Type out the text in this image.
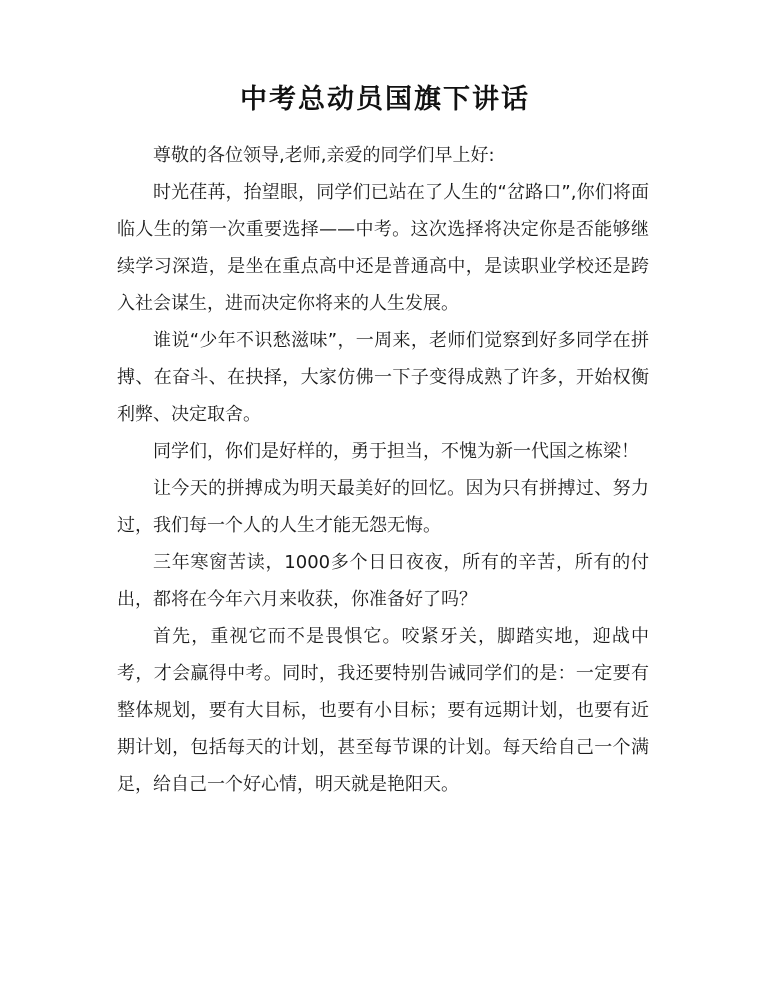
中考总动员国旗下讲话

尊敬的各位领导,老师,亲爱的同学们早上好:

时光荏苒，抬望眼，同学们已站在了人生的“岔路口”,你们将面临人生的第一次重要选择——中考。这次选择将决定你是否能够继续学习深造，是坐在重点高中还是普通高中，是读职业学校还是跨入社会谋生，进而决定你将来的人生发展。

谁说“少年不识愁滋味”，一周来，老师们觉察到好多同学在拼搏、在奋斗、在抉择，大家仿佛一下子变得成熟了许多，开始权衡利弊、决定取舍。

同学们，你们是好样的，勇于担当，不愧为新一代国之栋梁！

让今天的拼搏成为明天最美好的回忆。因为只有拼搏过、努力过，我们每一个人的人生才能无怨无悔。

三年寒窗苦读，1000多个日日夜夜，所有的辛苦，所有的付出，都将在今年六月来收获，你准备好了吗？

首先，重视它而不是畏惧它。咬紧牙关，脚踏实地，迎战中考，才会赢得中考。同时，我还要特别告诫同学们的是：一定要有整体规划，要有大目标，也要有小目标；要有远期计划，也要有近期计划，包括每天的计划，甚至每节课的计划。每天给自己一个满足，给自己一个好心情，明天就是艳阳天。
